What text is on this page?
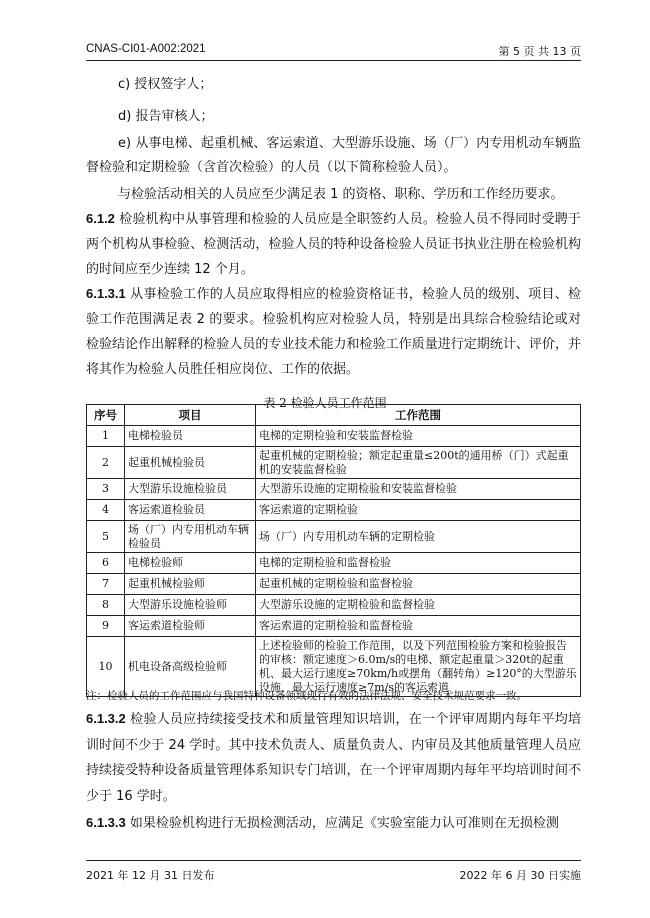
CNAS-CI01-A002:2021	第 5 页 共 13 页
c) 授权签字人；
d) 报告审核人；
e) 从事电梯、起重机械、客运索道、大型游乐设施、场（厂）内专用机动车辆监督检验和定期检验（含首次检验）的人员（以下简称检验人员）。
与检验活动相关的人员应至少满足表 1 的资格、职称、学历和工作经历要求。
6.1.2 检验机构中从事管理和检验的人员应是全职签约人员。检验人员不得同时受聘于两个机构从事检验、检测活动，检验人员的特种设备检验人员证书执业注册在检验机构的时间应至少连续 12 个月。
6.1.3.1 从事检验工作的人员应取得相应的检验资格证书，检验人员的级别、项目、检验工作范围满足表 2 的要求。检验机构应对检验人员，特别是出具综合检验结论或对检验结论作出解释的检验人员的专业技术能力和检验工作质量进行定期统计、评价，并将其作为检验人员胜任相应岗位、工作的依据。
表 2 检验人员工作范围
序号	项目	工作范围
1	电梯检验员	电梯的定期检验和安装监督检验
2	起重机械检验员	起重机械的定期检验；额定起重量≤200t的通用桥（门）式起重机的安装监督检验
3	大型游乐设施检验员	大型游乐设施的定期检验和安装监督检验
4	客运索道检验员	客运索道的定期检验
5	场（厂）内专用机动车辆检验员	场（厂）内专用机动车辆的定期检验
6	电梯检验师	电梯的定期检验和监督检验
7	起重机械检验师	起重机械的定期检验和监督检验
8	大型游乐设施检验师	大型游乐设施的定期检验和监督检验
9	客运索道检验师	客运索道的定期检验和监督检验
10	机电设备高级检验师	上述检验师的检验工作范围，以及下列范围检验方案和检验报告的审核：额定速度＞6.0m/s的电梯、额定起重量＞320t的起重机、最大运行速度≥70km/h或摆角（翻转角）≥120°的大型游乐设施、最大运行速度≥7m/s的客运索道
注：检验人员的工作范围应与我国特种设备领域现行有效的法律法规、安全技术规范要求一致。
6.1.3.2 检验人员应持续接受技术和质量管理知识培训，在一个评审周期内每年平均培训时间不少于 24 学时。其中技术负责人、质量负责人、内审员及其他质量管理人员应持续接受特种设备质量管理体系知识专门培训，在一个评审周期内每年平均培训时间不少于 16 学时。
6.1.3.3 如果检验机构进行无损检测活动，应满足《实验室能力认可准则在无损检测
2021 年 12 月 31 日发布	2022 年 6 月 30 日实施
